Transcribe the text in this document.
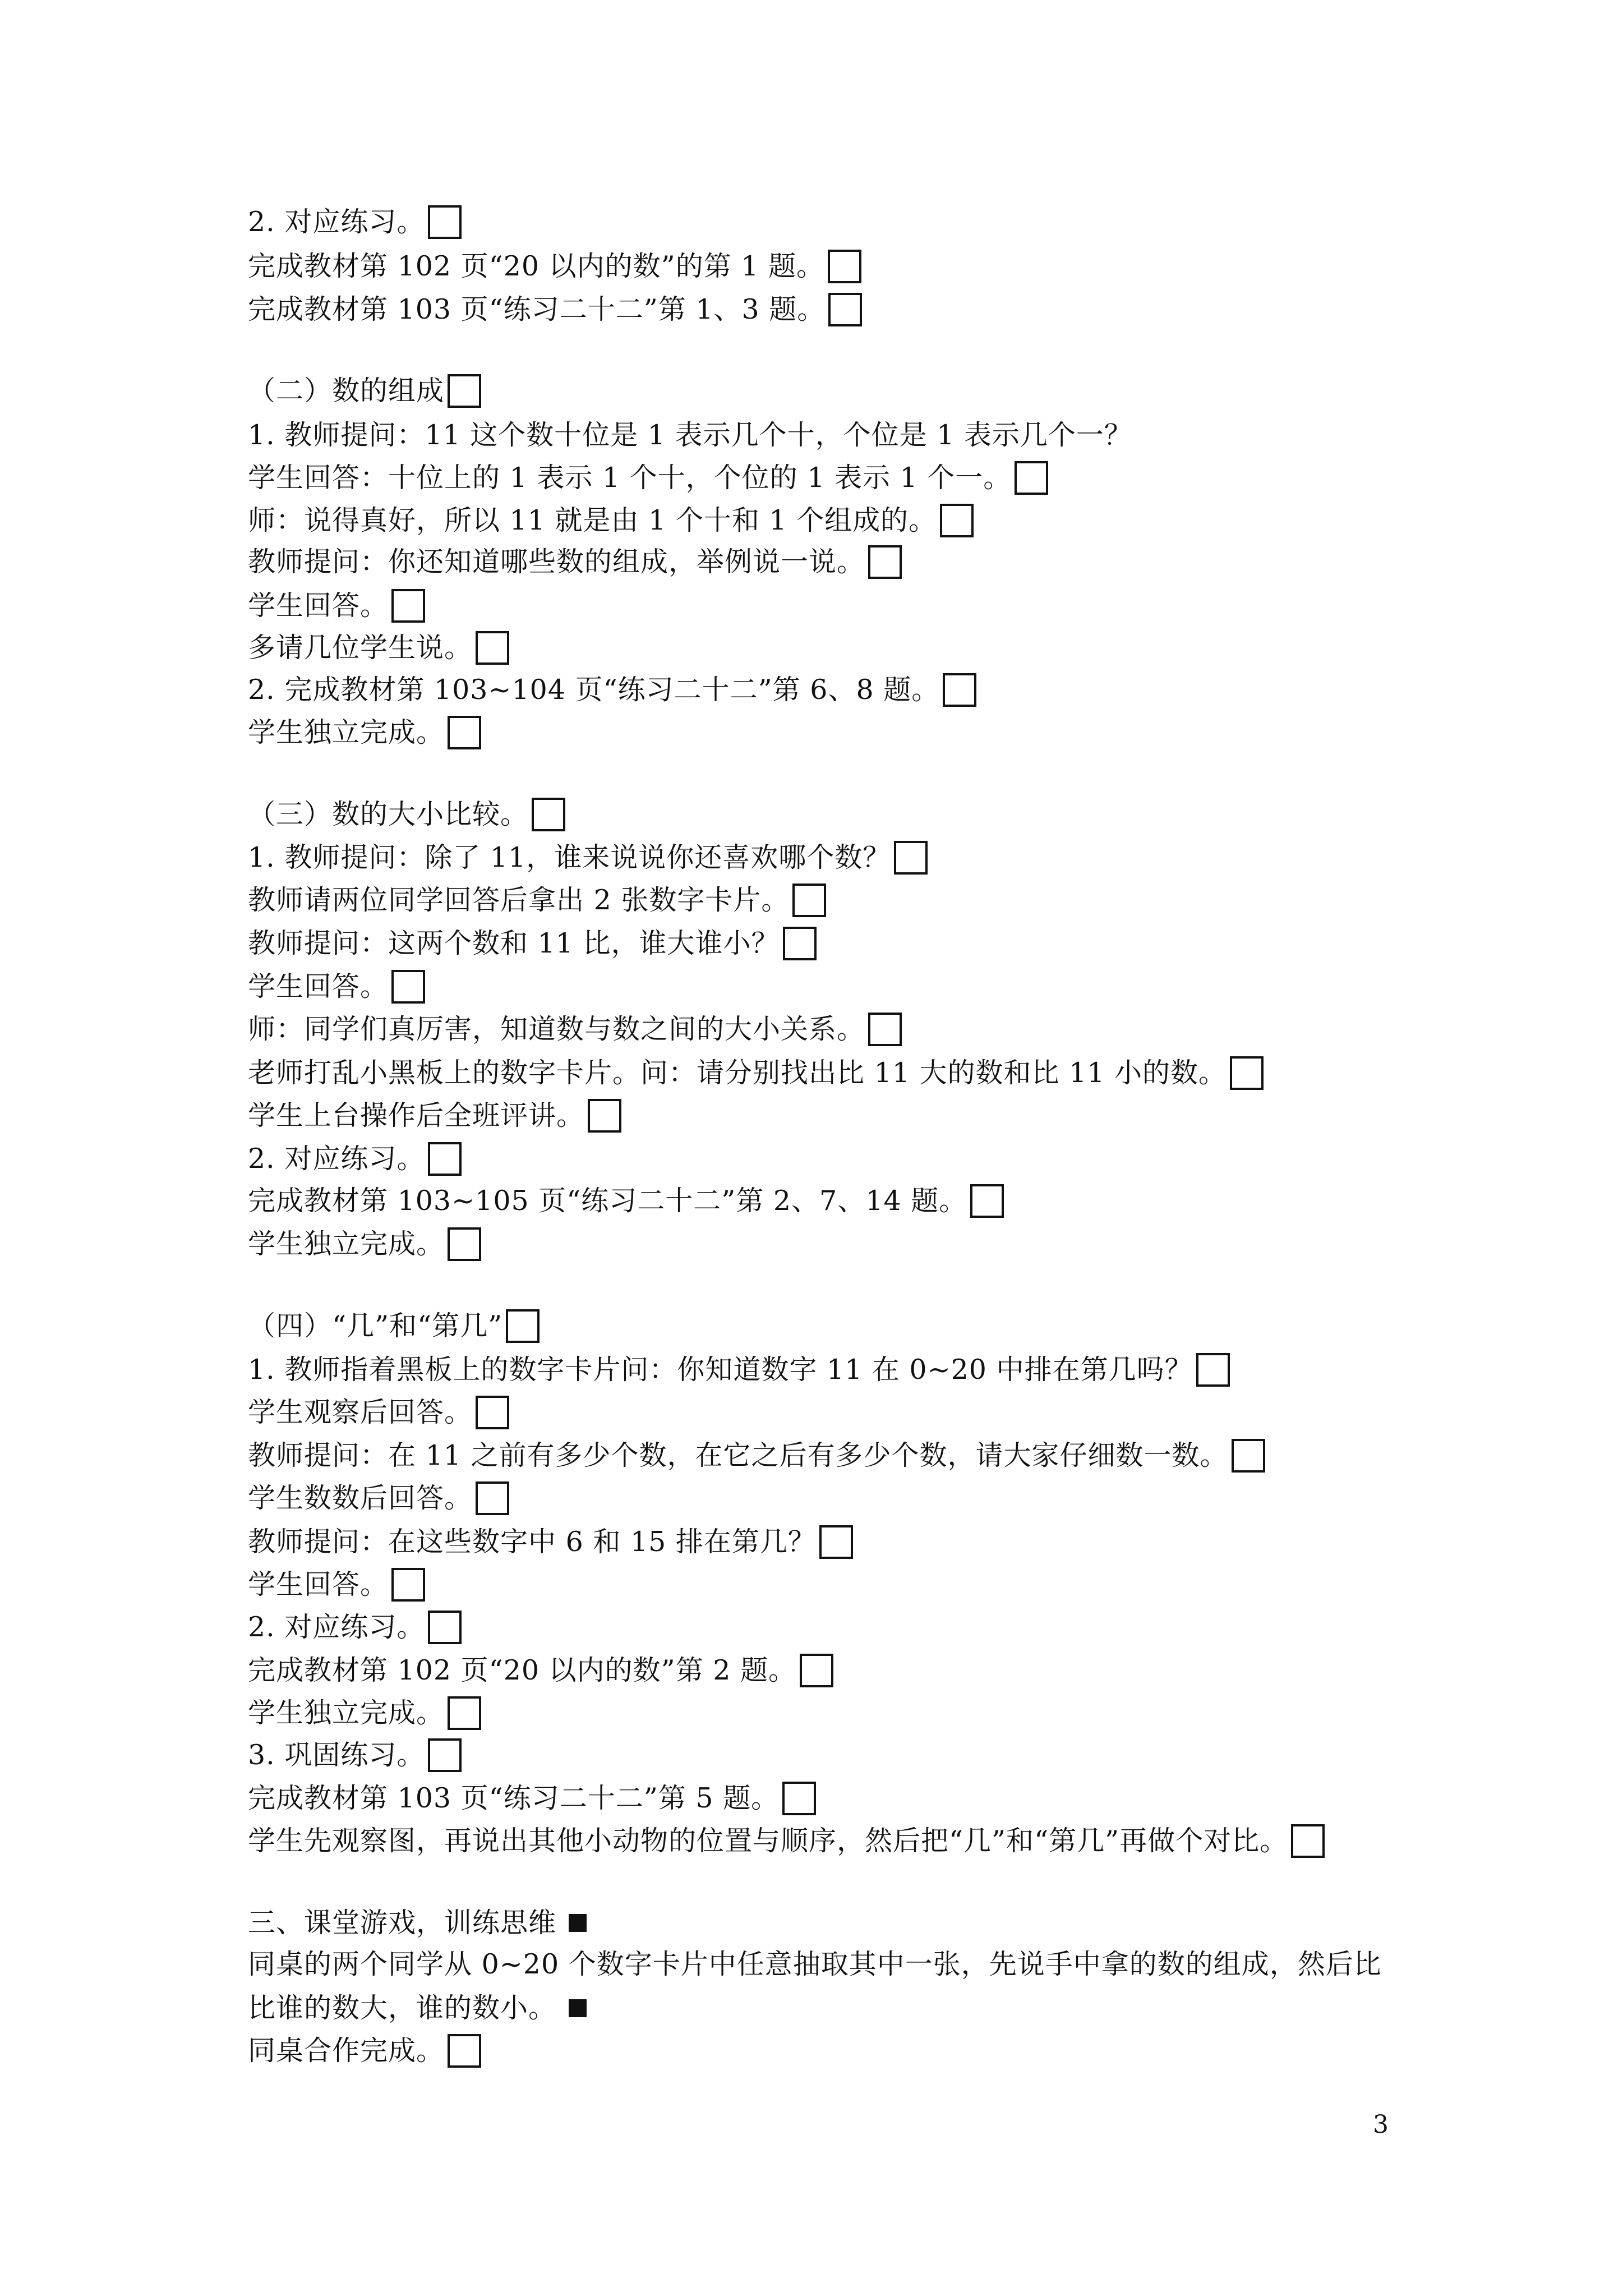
2. 对应练习。
完成教材第 102 页“20 以内的数”的第 1 题。
完成教材第 103 页“练习二十二”第 1、3 题。
（二）数的组成
1. 教师提问：11 这个数十位是 1 表示几个十，个位是 1 表示几个一？
学生回答：十位上的 1 表示 1 个十，个位的 1 表示 1 个一。
师：说得真好，所以 11 就是由 1 个十和 1 个组成的。
教师提问：你还知道哪些数的组成，举例说一说。
学生回答。
多请几位学生说。
2. 完成教材第 103~104 页“练习二十二”第 6、8 题。
学生独立完成。
（三）数的大小比较。
1. 教师提问：除了 11，谁来说说你还喜欢哪个数？
教师请两位同学回答后拿出 2 张数字卡片。
教师提问：这两个数和 11 比，谁大谁小？
学生回答。
师：同学们真厉害，知道数与数之间的大小关系。
老师打乱小黑板上的数字卡片。问：请分别找出比 11 大的数和比 11 小的数。
学生上台操作后全班评讲。
2. 对应练习。
完成教材第 103~105 页“练习二十二”第 2、7、14 题。
学生独立完成。
（四）“几”和“第几”
1. 教师指着黑板上的数字卡片问：你知道数字 11 在 0~20 中排在第几吗？
学生观察后回答。
教师提问：在 11 之前有多少个数，在它之后有多少个数，请大家仔细数一数。
学生数数后回答。
教师提问：在这些数字中 6 和 15 排在第几？
学生回答。
2. 对应练习。
完成教材第 102 页“20 以内的数”第 2 题。
学生独立完成。
3. 巩固练习。
完成教材第 103 页“练习二十二”第 5 题。
学生先观察图，再说出其他小动物的位置与顺序，然后把“几”和“第几”再做个对比。
三、课堂游戏，训练思维
同桌的两个同学从 0~20 个数字卡片中任意抽取其中一张，先说手中拿的数的组成，然后比
比谁的数大，谁的数小。
同桌合作完成。
3
